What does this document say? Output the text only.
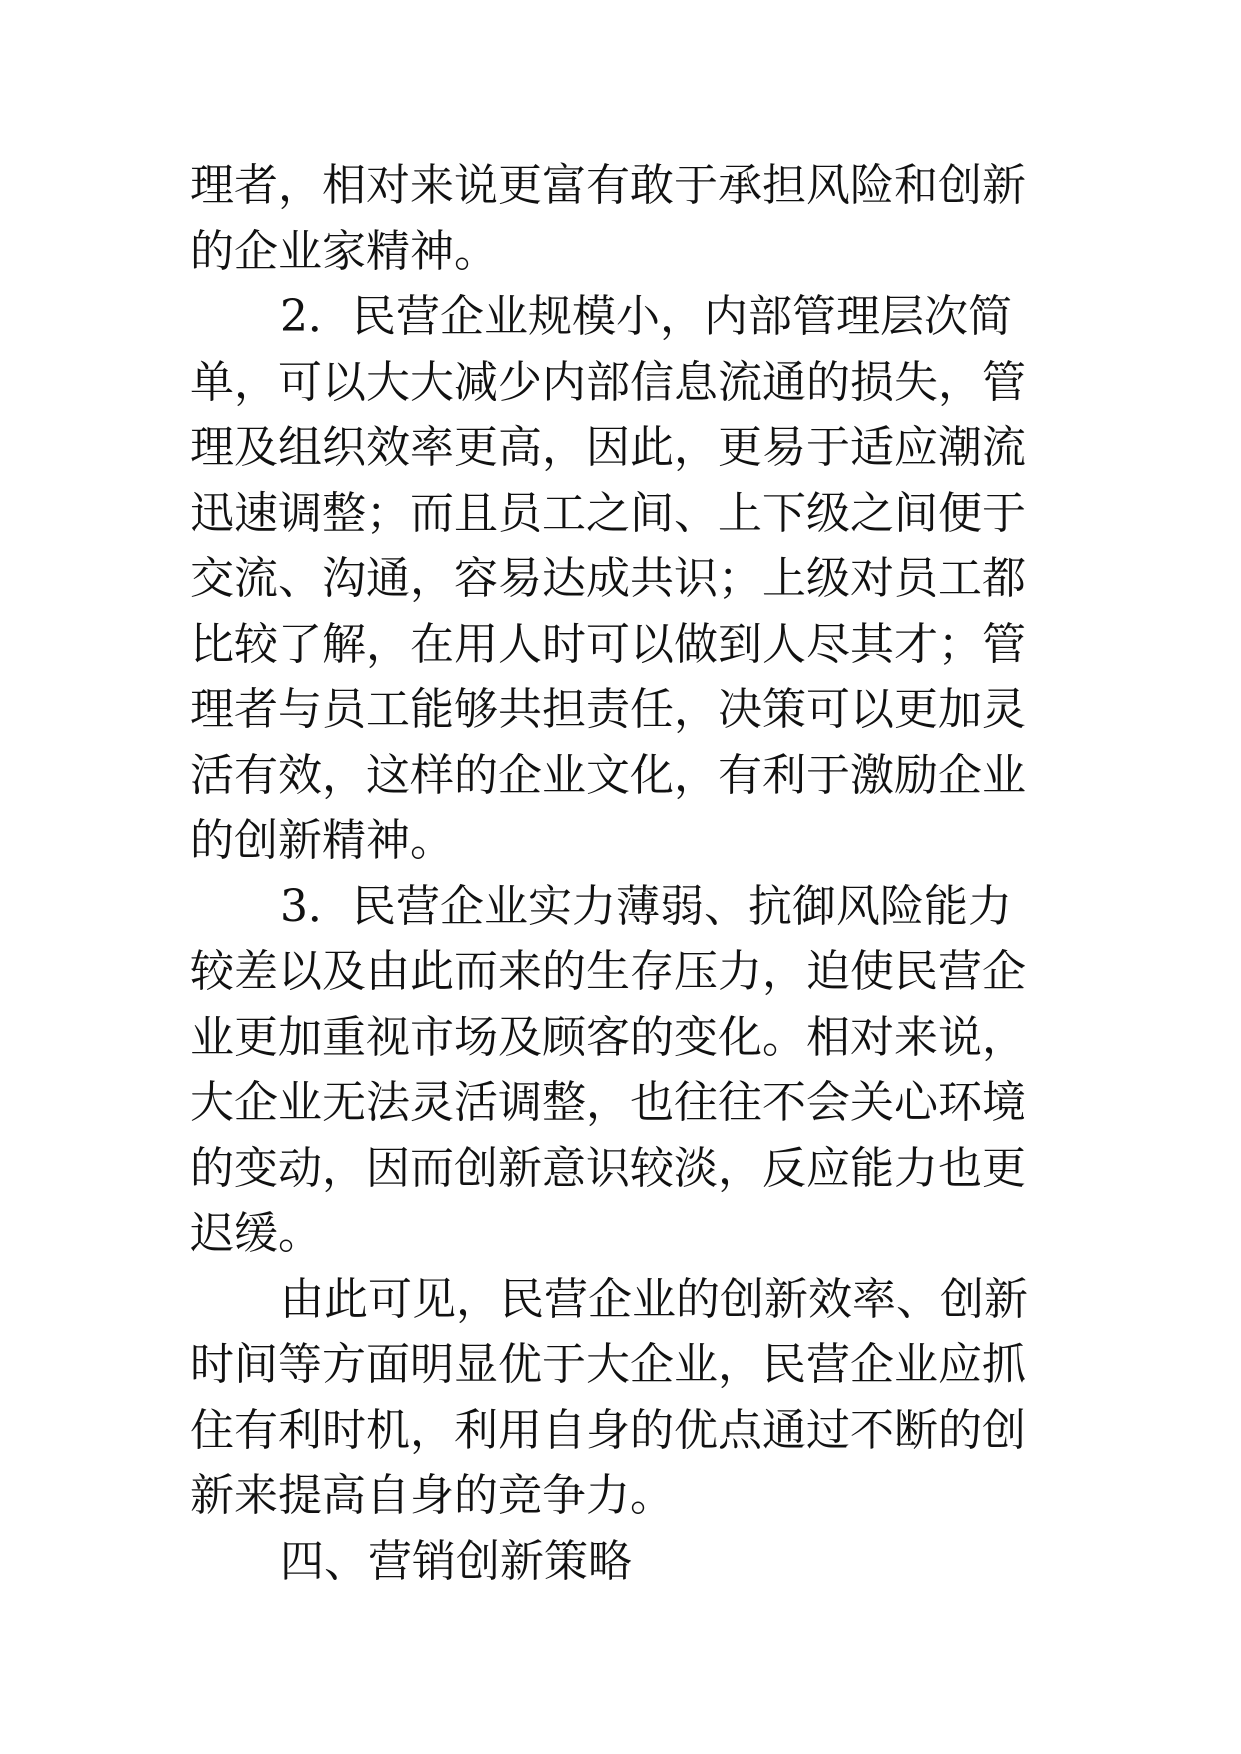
理者，相对来说更富有敢于承担风险和创新
的企业家精神。
2．民营企业规模小，内部管理层次简
单，可以大大减少内部信息流通的损失，管
理及组织效率更高，因此，更易于适应潮流
迅速调整；而且员工之间、上下级之间便于
交流、沟通，容易达成共识；上级对员工都
比较了解，在用人时可以做到人尽其才；管
理者与员工能够共担责任，决策可以更加灵
活有效，这样的企业文化，有利于激励企业
的创新精神。
3．民营企业实力薄弱、抗御风险能力
较差以及由此而来的生存压力，迫使民营企
业更加重视市场及顾客的变化。相对来说，
大企业无法灵活调整，也往往不会关心环境
的变动，因而创新意识较淡，反应能力也更
迟缓。
由此可见，民营企业的创新效率、创新
时间等方面明显优于大企业，民营企业应抓
住有利时机，利用自身的优点通过不断的创
新来提高自身的竞争力。
四、营销创新策略
